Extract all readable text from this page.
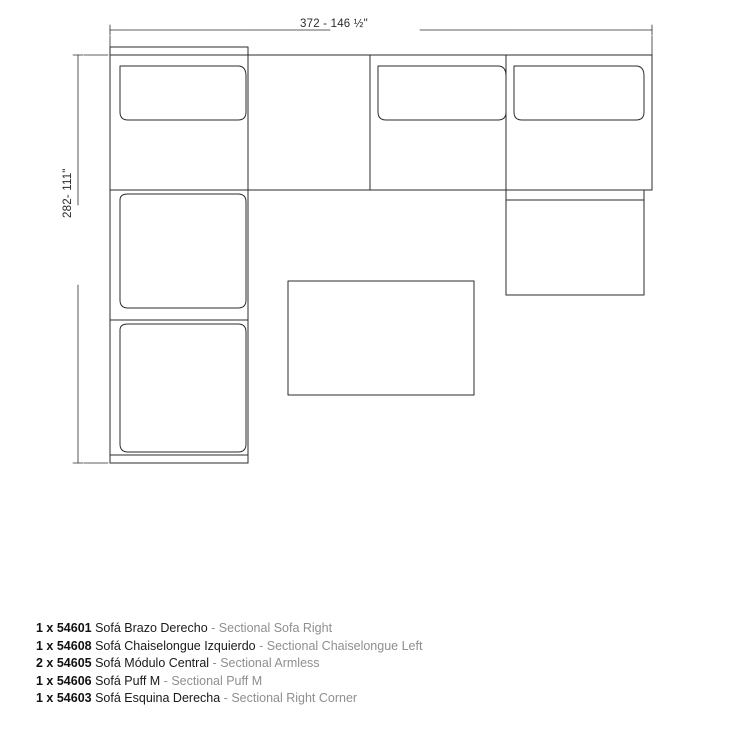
372 - 146 ½"
282- 111"
1 x 54601 Sofá Brazo Derecho - Sectional Sofa Right
1 x 54608 Sofá Chaiselongue Izquierdo - Sectional Chaiselongue Left
2 x 54605 Sofá Módulo Central - Sectional Armless
1 x 54606 Sofá Puff M - Sectional Puff M
1 x 54603 Sofá Esquina Derecha - Sectional Right Corner
